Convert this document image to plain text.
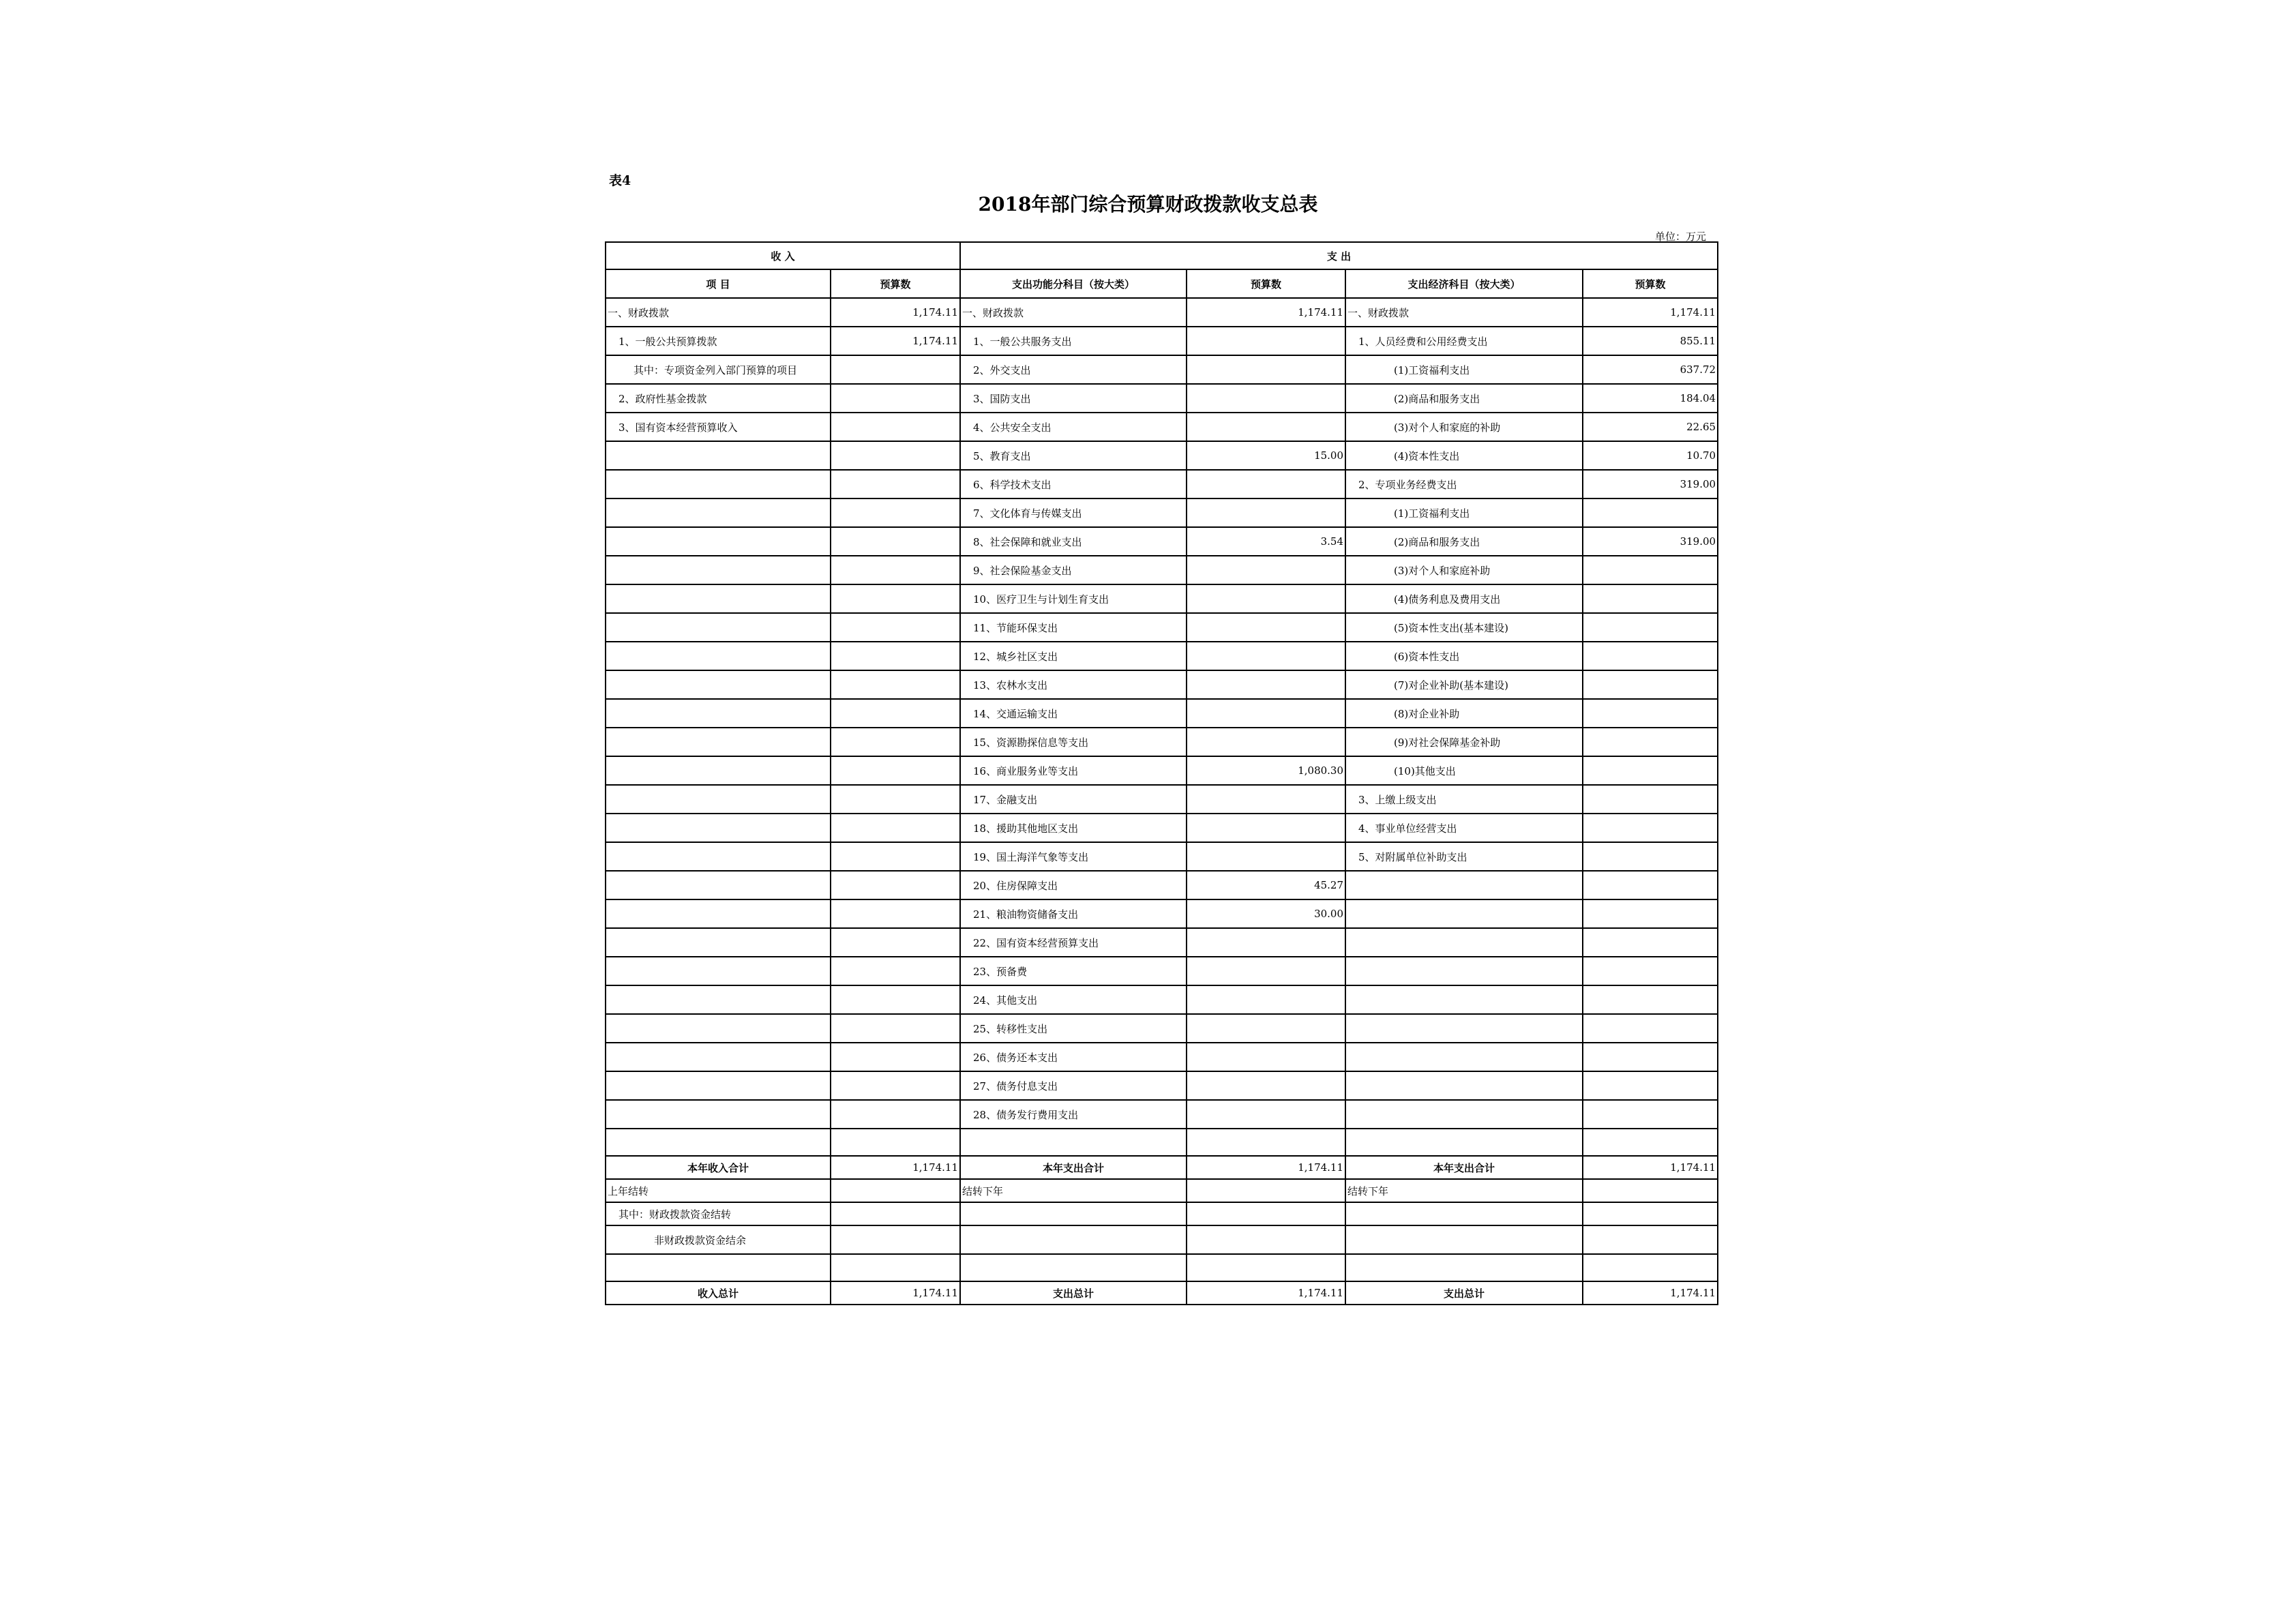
表4
2018年部门综合预算财政拨款收支总表
单位：万元
收 入		支 出			
项 目	预算数	支出功能分科目（按大类）	预算数	支出经济科目（按大类）	预算数
一、财政拨款	1,174.11	一、财政拨款	1,174.11	一、财政拨款	1,174.11
1、一般公共预算拨款	1,174.11	1、一般公共服务支出		1、人员经费和公用经费支出	855.11
其中：专项资金列入部门预算的项目		2、外交支出		(1)工资福利支出	637.72
2、政府性基金拨款		3、国防支出		(2)商品和服务支出	184.04
3、国有资本经营预算收入		4、公共安全支出		(3)对个人和家庭的补助	22.65
		5、教育支出	15.00	(4)资本性支出	10.70
		6、科学技术支出		2、专项业务经费支出	319.00
		7、文化体育与传媒支出		(1)工资福利支出	
		8、社会保障和就业支出	3.54	(2)商品和服务支出	319.00
		9、社会保险基金支出		(3)对个人和家庭补助	
		10、医疗卫生与计划生育支出		(4)债务利息及费用支出	
		11、节能环保支出		(5)资本性支出(基本建设)	
		12、城乡社区支出		(6)资本性支出	
		13、农林水支出		(7)对企业补助(基本建设)	
		14、交通运输支出		(8)对企业补助	
		15、资源勘探信息等支出		(9)对社会保障基金补助	
		16、商业服务业等支出	1,080.30	(10)其他支出	
		17、金融支出		3、上缴上级支出	
		18、援助其他地区支出		4、事业单位经营支出	
		19、国土海洋气象等支出		5、对附属单位补助支出	
		20、住房保障支出	45.27		
		21、粮油物资储备支出	30.00		
		22、国有资本经营预算支出			
		23、预备费			
		24、其他支出			
		25、转移性支出			
		26、债务还本支出			
		27、债务付息支出			
		28、债务发行费用支出			

本年收入合计	1,174.11	本年支出合计	1,174.11	本年支出合计	1,174.11
上年结转		结转下年		结转下年	
其中：财政拨款资金结转					
非财政拨款资金结余					

收入总计	1,174.11	支出总计	1,174.11	支出总计	1,174.11
